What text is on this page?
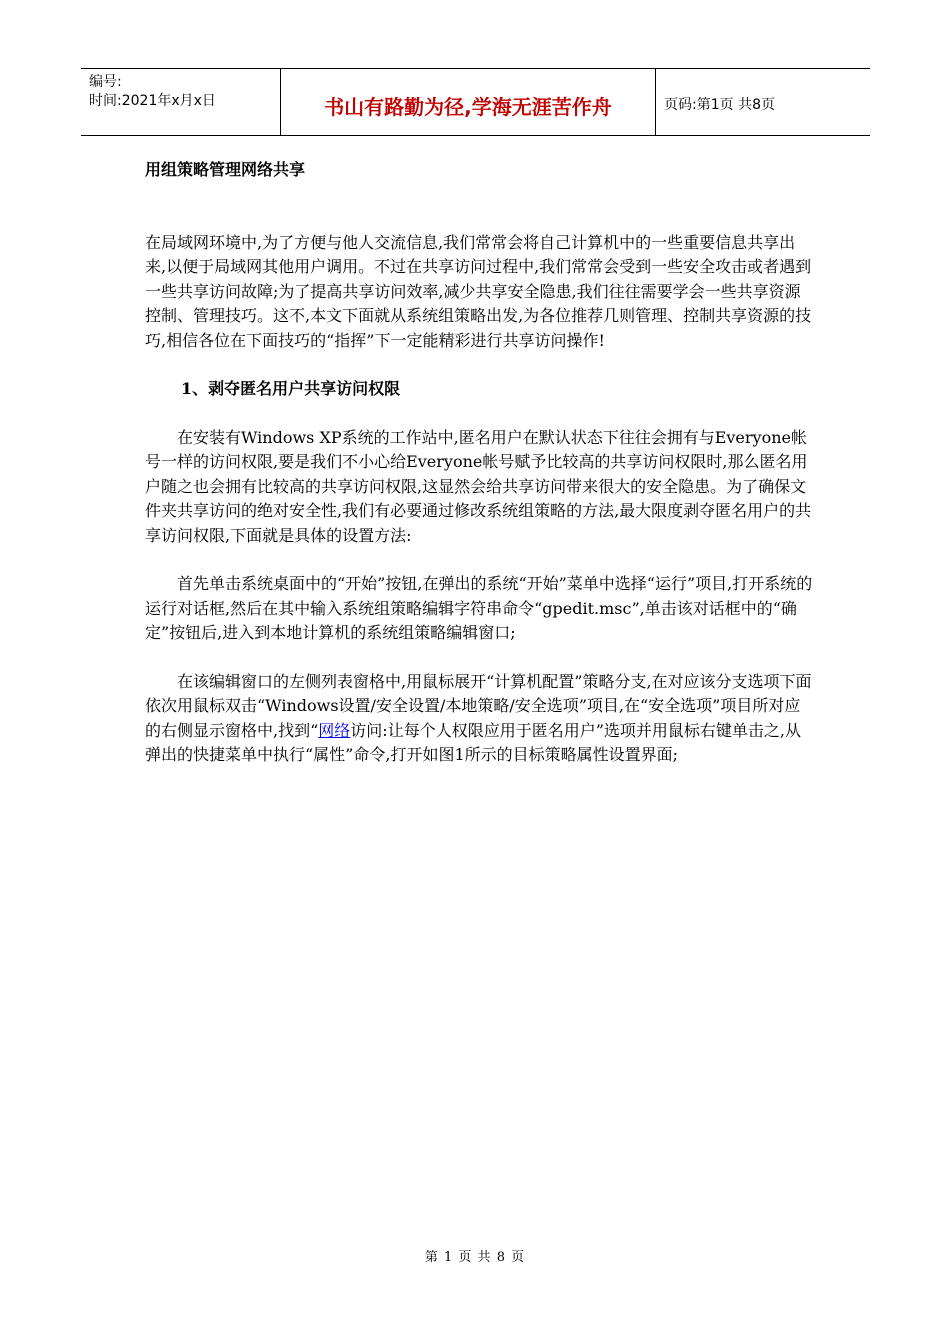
编号:
时间:2021年x月x日	书山有路勤为径,学海无涯苦作舟	页码:第1页 共8页

用组策略管理网络共享

在局域网环境中,为了方便与他人交流信息,我们常常会将自己计算机中的一些重要信息共享出来,以便于局域网其他用户调用。不过在共享访问过程中,我们常常会受到一些安全攻击或者遇到一些共享访问故障;为了提高共享访问效率,减少共享安全隐患,我们往往需要学会一些共享资源控制、管理技巧。这不,本文下面就从系统组策略出发,为各位推荐几则管理、控制共享资源的技巧,相信各位在下面技巧的“指挥”下一定能精彩进行共享访问操作!

1、剥夺匿名用户共享访问权限

在安装有Windows XP系统的工作站中,匿名用户在默认状态下往往会拥有与Everyone帐号一样的访问权限,要是我们不小心给Everyone帐号赋予比较高的共享访问权限时,那么匿名用户随之也会拥有比较高的共享访问权限,这显然会给共享访问带来很大的安全隐患。为了确保文件夹共享访问的绝对安全性,我们有必要通过修改系统组策略的方法,最大限度剥夺匿名用户的共享访问权限,下面就是具体的设置方法:

首先单击系统桌面中的“开始”按钮,在弹出的系统“开始”菜单中选择“运行”项目,打开系统的运行对话框,然后在其中输入系统组策略编辑字符串命令“gpedit.msc”,单击该对话框中的“确定”按钮后,进入到本地计算机的系统组策略编辑窗口;

在该编辑窗口的左侧列表窗格中,用鼠标展开“计算机配置”策略分支,在对应该分支选项下面依次用鼠标双击“Windows设置/安全设置/本地策略/安全选项”项目,在“安全选项”项目所对应的右侧显示窗格中,找到“网络访问:让每个人权限应用于匿名用户”选项并用鼠标右键单击之,从弹出的快捷菜单中执行“属性”命令,打开如图1所示的目标策略属性设置界面;

第 1 页 共 8 页
